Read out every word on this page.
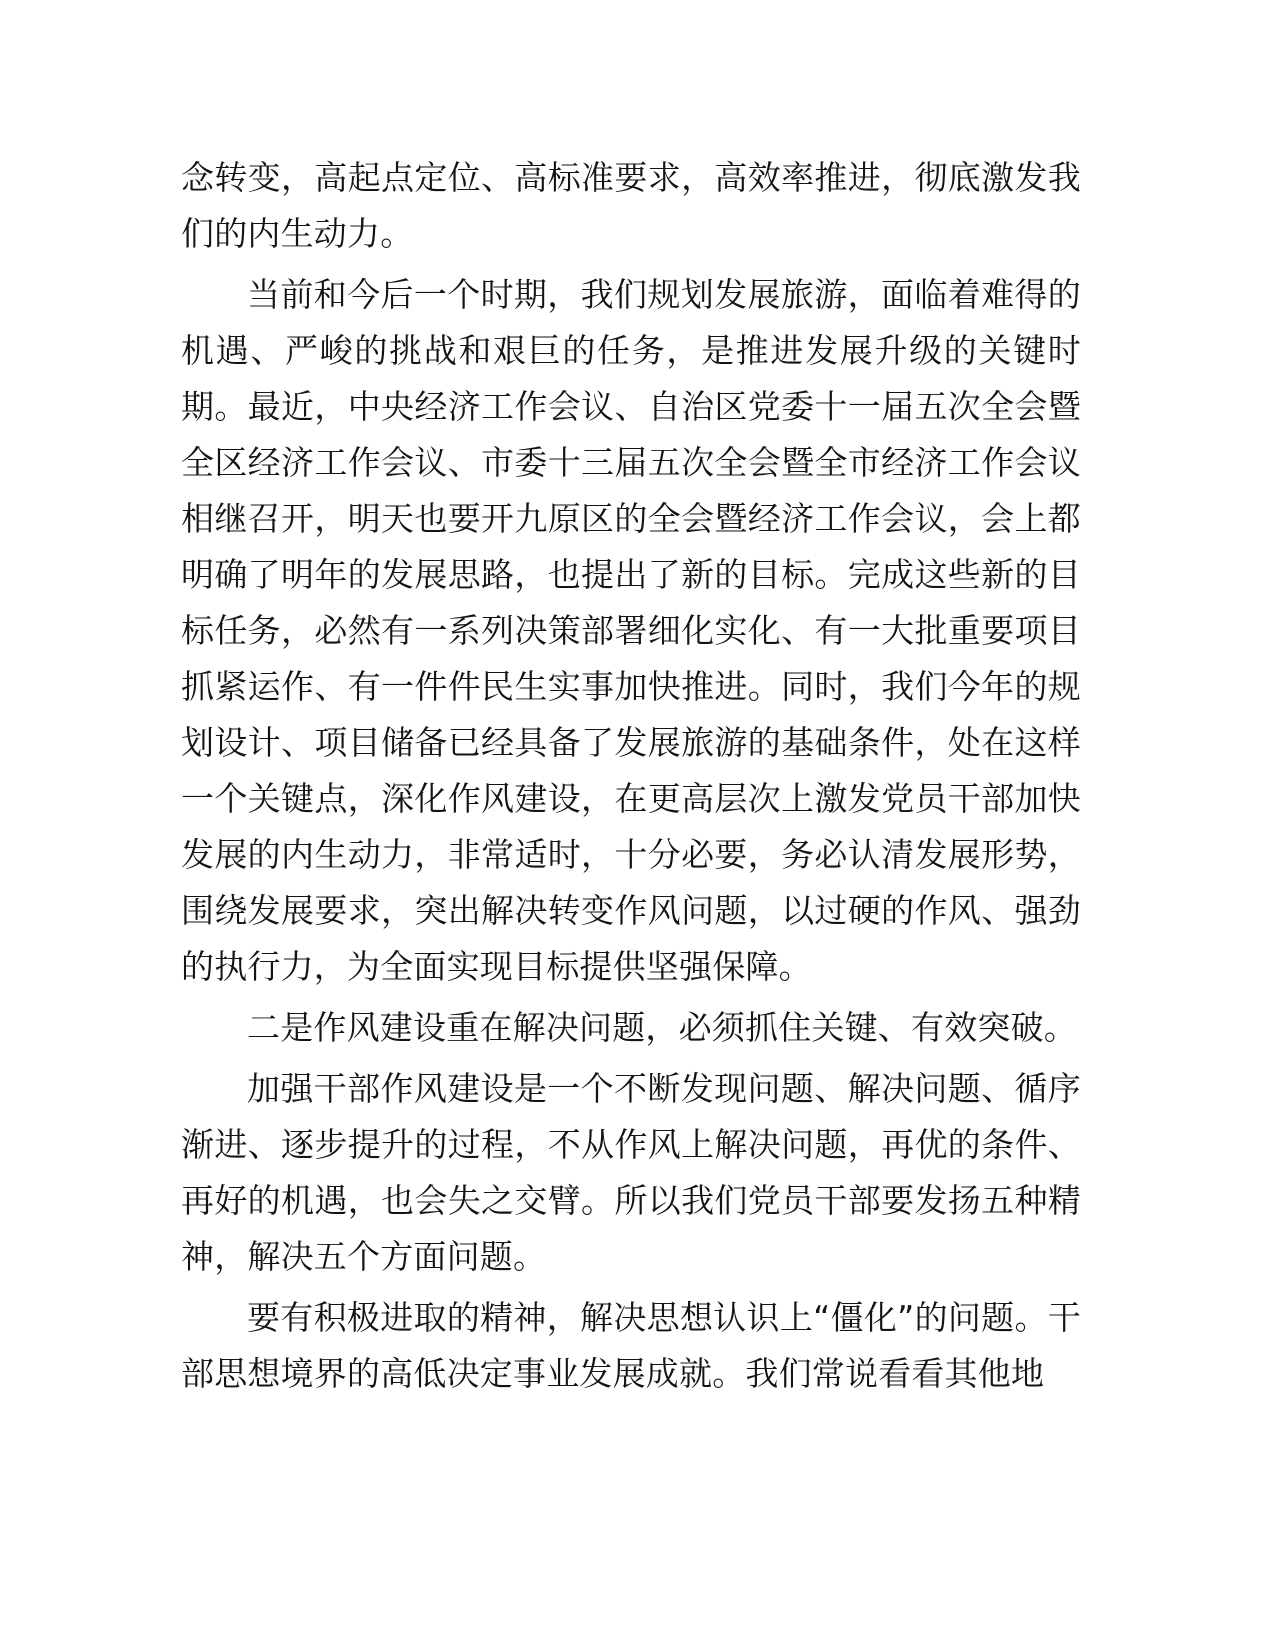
念转变，高起点定位、高标准要求，高效率推进，彻底激发我们的内生动力。

当前和今后一个时期，我们规划发展旅游，面临着难得的机遇、严峻的挑战和艰巨的任务，是推进发展升级的关键时期。最近，中央经济工作会议、自治区党委十一届五次全会暨全区经济工作会议、市委十三届五次全会暨全市经济工作会议相继召开，明天也要开九原区的全会暨经济工作会议，会上都明确了明年的发展思路，也提出了新的目标。完成这些新的目标任务，必然有一系列决策部署细化实化、有一大批重要项目抓紧运作、有一件件民生实事加快推进。同时，我们今年的规划设计、项目储备已经具备了发展旅游的基础条件，处在这样一个关键点，深化作风建设，在更高层次上激发党员干部加快发展的内生动力，非常适时，十分必要，务必认清发展形势，围绕发展要求，突出解决转变作风问题，以过硬的作风、强劲的执行力，为全面实现目标提供坚强保障。

二是作风建设重在解决问题，必须抓住关键、有效突破。

加强干部作风建设是一个不断发现问题、解决问题、循序渐进、逐步提升的过程，不从作风上解决问题，再优的条件、再好的机遇，也会失之交臂。所以我们党员干部要发扬五种精神，解决五个方面问题。

要有积极进取的精神，解决思想认识上“僵化”的问题。干部思想境界的高低决定事业发展成就。我们常说看看其他地
